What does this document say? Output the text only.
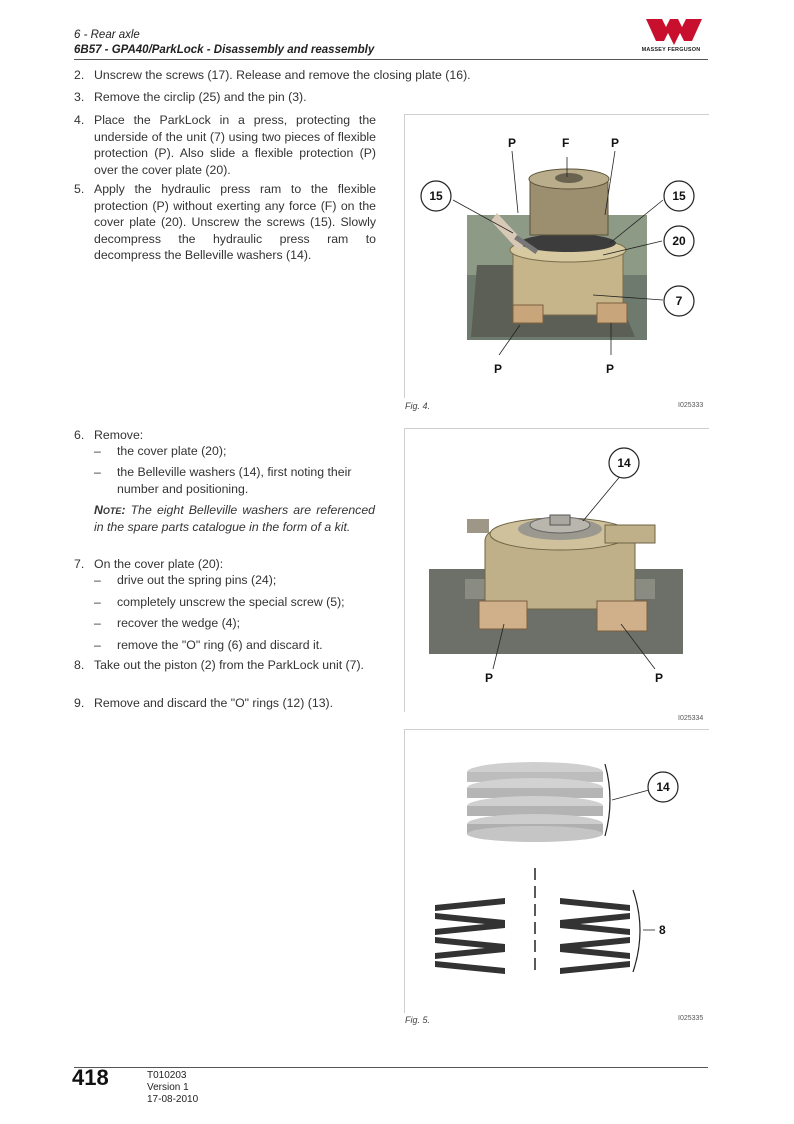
6 - Rear axle
6B57 - GPA40/ParkLock - Disassembly and reassembly	MASSEY FERGUSON
2. Unscrew the screws (17). Release and remove the closing plate (16).
3. Remove the circlip (25) and the pin (3).
4. Place the ParkLock in a press, protecting the underside of the unit (7) using two pieces of flexible protection (P). Also slide a flexible protection (P) over the cover plate (20).
5. Apply the hydraulic press ram to the flexible protection (P) without exerting any force (F) on the cover plate (20). Unscrew the screws (15). Slowly decompress the hydraulic press ram to decompress the Belleville washers (14).
6. Remove:
– the cover plate (20);
– the Belleville washers (14), first noting their number and positioning.
Note: The eight Belleville washers are referenced in the spare parts catalogue in the form of a kit.
7. On the cover plate (20):
– drive out the spring pins (24);
– completely unscrew the special screw (5);
– recover the wedge (4);
– remove the "O" ring (6) and discard it.
8. Take out the piston (2) from the ParkLock unit (7).
9. Remove and discard the "O" rings (12) (13).
P	F	P
15	15
20
7
P	P
Fig. 4.	I025333
14
P	P
I025334
14
8
Fig. 5.	I025335
418	T010203
Version 1
17-08-2010
